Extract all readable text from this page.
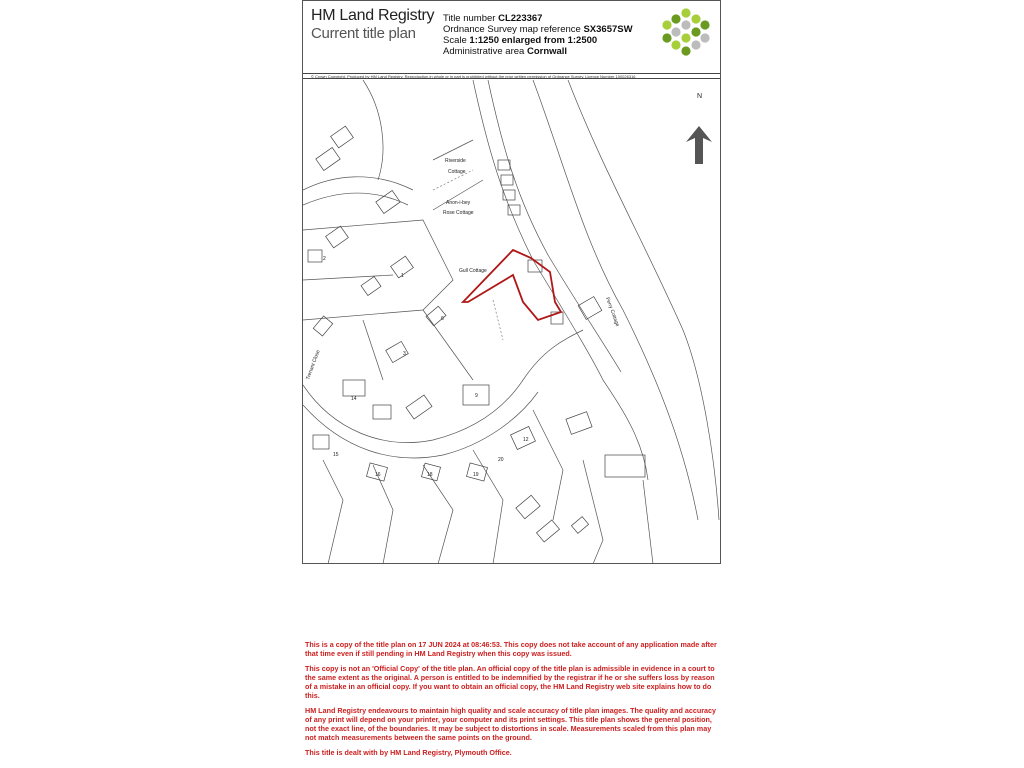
HM Land Registry
Current title plan
Title number CL223367
Ordnance Survey map reference SX3657SW
Scale 1:1250 enlarged from 1:2500
Administrative area Cornwall
© Crown Copyright. Produced by HM Land Registry. Reproduction in whole or in part is prohibited without the prior written permission of Ordnance Survey. Licence Number 100026316
N
Riverside
Cottage
Anon-i-bey
Rose Cottage
Gull Cottage
Ferry Cottage
Trenant Close
14
1
2
3
6
9
12
15
16	18	19
20

This is a copy of the title plan on 17 JUN 2024 at 08:46:53. This copy does not take account of any application made after that time even if still pending in HM Land Registry when this copy was issued.

This copy is not an 'Official Copy' of the title plan. An official copy of the title plan is admissible in evidence in a court to the same extent as the original. A person is entitled to be indemnified by the registrar if he or she suffers loss by reason of a mistake in an official copy. If you want to obtain an official copy, the HM Land Registry web site explains how to do this.

HM Land Registry endeavours to maintain high quality and scale accuracy of title plan images. The quality and accuracy of any print will depend on your printer, your computer and its print settings. This title plan shows the general position, not the exact line, of the boundaries. It may be subject to distortions in scale. Measurements scaled from this plan may not match measurements between the same points on the ground.

This title is dealt with by HM Land Registry, Plymouth Office.
